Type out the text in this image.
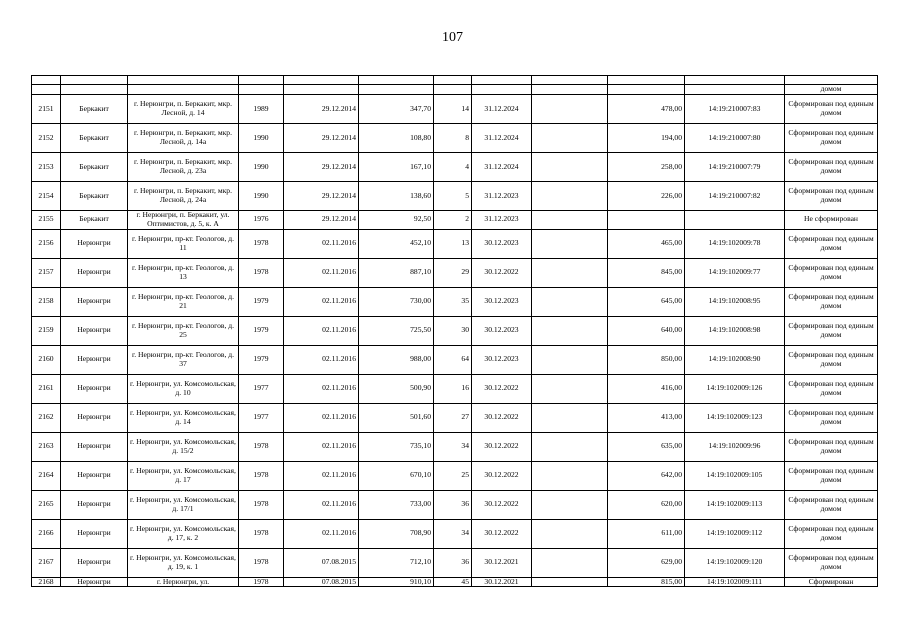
107

											домом
2151	Беркакит	г. Нерюнгри, п. Беркакит, мкр. Лесной, д. 14	1989	29.12.2014	347,70	14	31.12.2024		478,00	14:19:210007:83	Сформирован под единым домом
2152	Беркакит	г. Нерюнгри, п. Беркакит, мкр. Лесной, д. 14а	1990	29.12.2014	108,80	8	31.12.2024		194,00	14:19:210007:80	Сформирован под единым домом
2153	Беркакит	г. Нерюнгри, п. Беркакит, мкр. Лесной, д. 23а	1990	29.12.2014	167,10	4	31.12.2024		258,00	14:19:210007:79	Сформирован под единым домом
2154	Беркакит	г. Нерюнгри, п. Беркакит, мкр. Лесной, д. 24а	1990	29.12.2014	138,60	5	31.12.2023		226,00	14:19:210007:82	Сформирован под единым домом
2155	Беркакит	г. Нерюнгри, п. Беркакит, ул. Оптимистов, д. 5, к. А	1976	29.12.2014	92,50	2	31.12.2023				Не сформирован
2156	Нерюнгри	г. Нерюнгри, пр-кт. Геологов, д. 11	1978	02.11.2016	452,10	13	30.12.2023		465,00	14:19:102009:78	Сформирован под единым домом
2157	Нерюнгри	г. Нерюнгри, пр-кт. Геологов, д. 13	1978	02.11.2016	887,10	29	30.12.2022		845,00	14:19:102009:77	Сформирован под единым домом
2158	Нерюнгри	г. Нерюнгри, пр-кт. Геологов, д. 21	1979	02.11.2016	730,00	35	30.12.2023		645,00	14:19:102008:95	Сформирован под единым домом
2159	Нерюнгри	г. Нерюнгри, пр-кт. Геологов, д. 25	1979	02.11.2016	725,50	30	30.12.2023		640,00	14:19:102008:98	Сформирован под единым домом
2160	Нерюнгри	г. Нерюнгри, пр-кт. Геологов, д. 37	1979	02.11.2016	988,00	64	30.12.2023		850,00	14:19:102008:90	Сформирован под единым домом
2161	Нерюнгри	г. Нерюнгри, ул. Комсомольская, д. 10	1977	02.11.2016	500,90	16	30.12.2022		416,00	14:19:102009:126	Сформирован под единым домом
2162	Нерюнгри	г. Нерюнгри, ул. Комсомольская, д. 14	1977	02.11.2016	501,60	27	30.12.2022		413,00	14:19:102009:123	Сформирован под единым домом
2163	Нерюнгри	г. Нерюнгри, ул. Комсомольская, д. 15/2	1978	02.11.2016	735,10	34	30.12.2022		635,00	14:19:102009:96	Сформирован под единым домом
2164	Нерюнгри	г. Нерюнгри, ул. Комсомольская, д. 17	1978	02.11.2016	670,10	25	30.12.2022		642,00	14:19:102009:105	Сформирован под единым домом
2165	Нерюнгри	г. Нерюнгри, ул. Комсомольская, д. 17/1	1978	02.11.2016	733,00	36	30.12.2022		620,00	14:19:102009:113	Сформирован под единым домом
2166	Нерюнгри	г. Нерюнгри, ул. Комсомольская, д. 17, к. 2	1978	02.11.2016	708,90	34	30.12.2022		611,00	14:19:102009:112	Сформирован под единым домом
2167	Нерюнгри	г. Нерюнгри, ул. Комсомольская, д. 19, к. 1	1978	07.08.2015	712,10	36	30.12.2021		629,00	14:19:102009:120	Сформирован под единым домом
2168	Нерюнгри	г. Нерюнгри, ул.	1978	07.08.2015	910,10	45	30.12.2021		815,00	14:19:102009:111	Сформирован
